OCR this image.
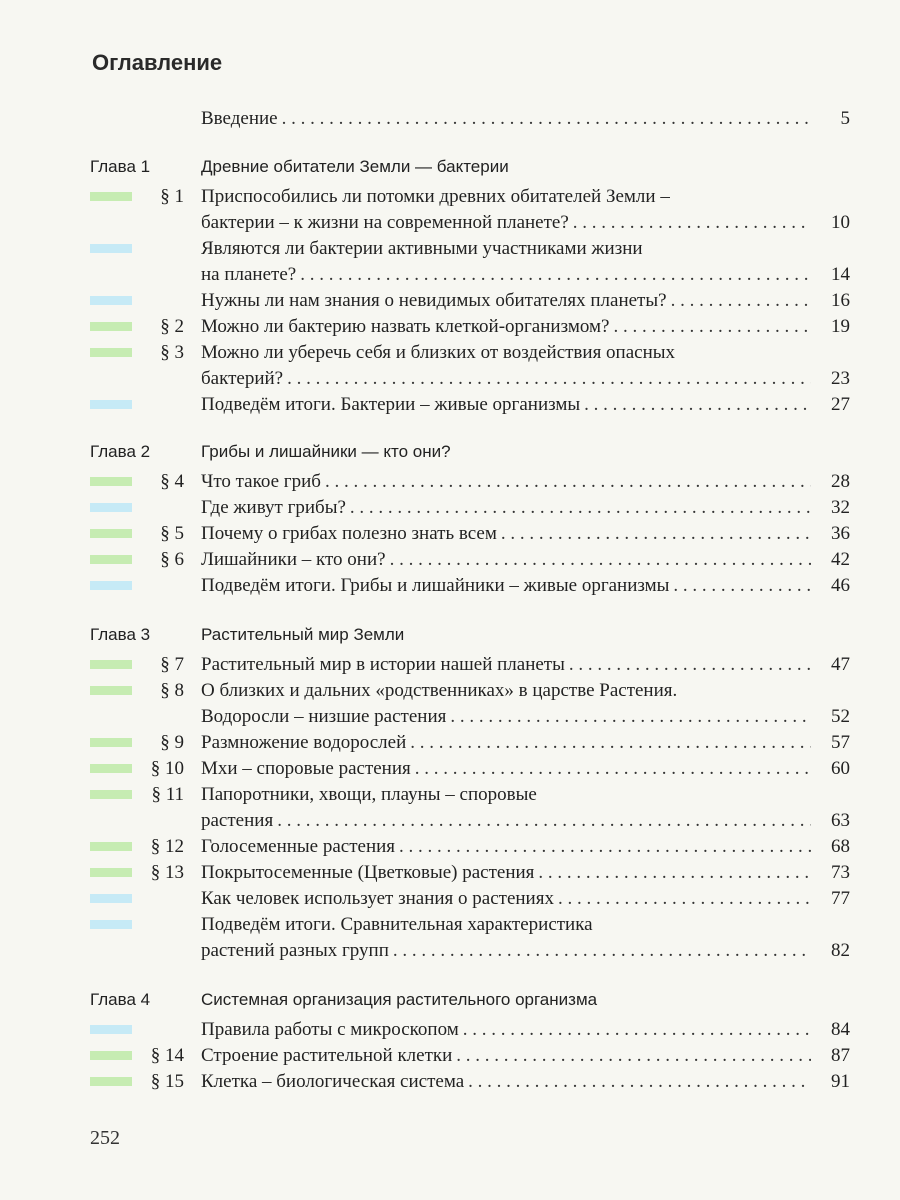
Оглавление
Введение . . .	5
Глава 1	Древние обитатели Земли — бактерии
§ 1 Приспособились ли потомки древних обитателей Земли –
бактерии – к жизни на современной планете? . . .	10
Являются ли бактерии активными участниками жизни
на планете? . . .	14
Нужны ли нам знания о невидимых обитателях планеты? . . .	16
§ 2 Можно ли бактерию назвать клеткой-организмом? . . .	19
§ 3 Можно ли уберечь себя и близких от воздействия опасных
бактерий? . . .	23
Подведём итоги. Бактерии – живые организмы . . .	27
Глава 2	Грибы и лишайники — кто они?
§ 4 Что такое гриб . . .	28
Где живут грибы? . . .	32
§ 5 Почему о грибах полезно знать всем . . .	36
§ 6 Лишайники – кто они? . . .	42
Подведём итоги. Грибы и лишайники – живые организмы . . .	46
Глава 3	Растительный мир Земли
§ 7 Растительный мир в истории нашей планеты . . .	47
§ 8 О близких и дальних «родственниках» в царстве Растения.
Водоросли – низшие растения . . .	52
§ 9 Размножение водорослей . . .	57
§ 10 Мхи – споровые растения . . .	60
§ 11 Папоротники, хвощи, плауны – споровые
растения . . .	63
§ 12 Голосеменные растения . . .	68
§ 13 Покрытосеменные (Цветковые) растения . . .	73
Как человек использует знания о растениях . . .	77
Подведём итоги. Сравнительная характеристика
растений разных групп . . .	82
Глава 4	Системная организация растительного организма
Правила работы с микроскопом . . .	84
§ 14 Строение растительной клетки . . .	87
§ 15 Клетка – биологическая система . . .	91
252
